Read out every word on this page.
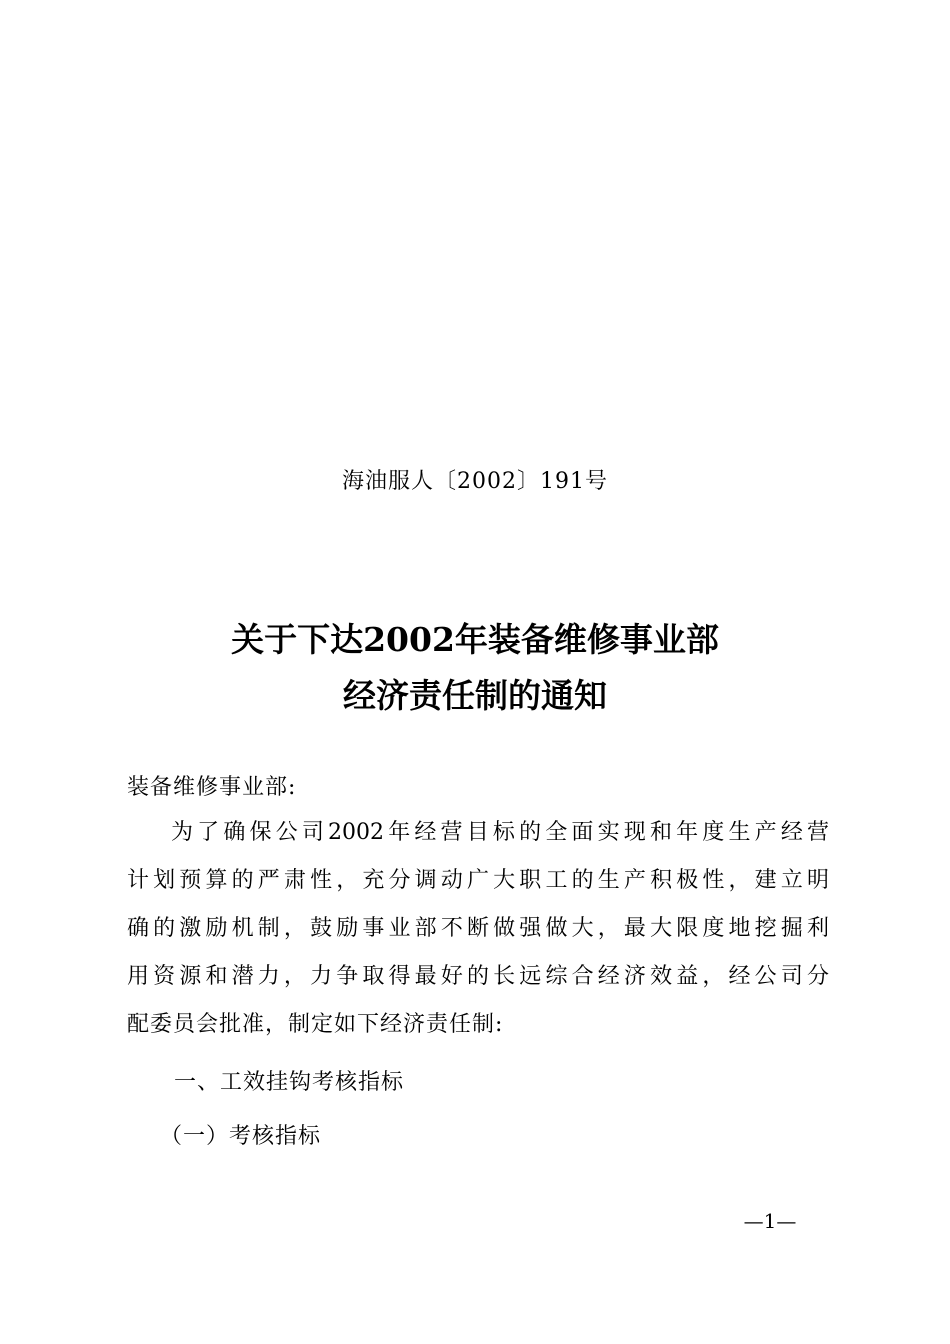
海油服人〔2002〕191号

关于下达2002年装备维修事业部
经济责任制的通知

装备维修事业部:

为了确保公司2002年经营目标的全面实现和年度生产经营
计划预算的严肃性，充分调动广大职工的生产积极性，建立明
确的激励机制，鼓励事业部不断做强做大，最大限度地挖掘利
用资源和潜力，力争取得最好的长远综合经济效益，经公司分
配委员会批准，制定如下经济责任制:
一、工效挂钩考核指标
（一）考核指标
—1—
